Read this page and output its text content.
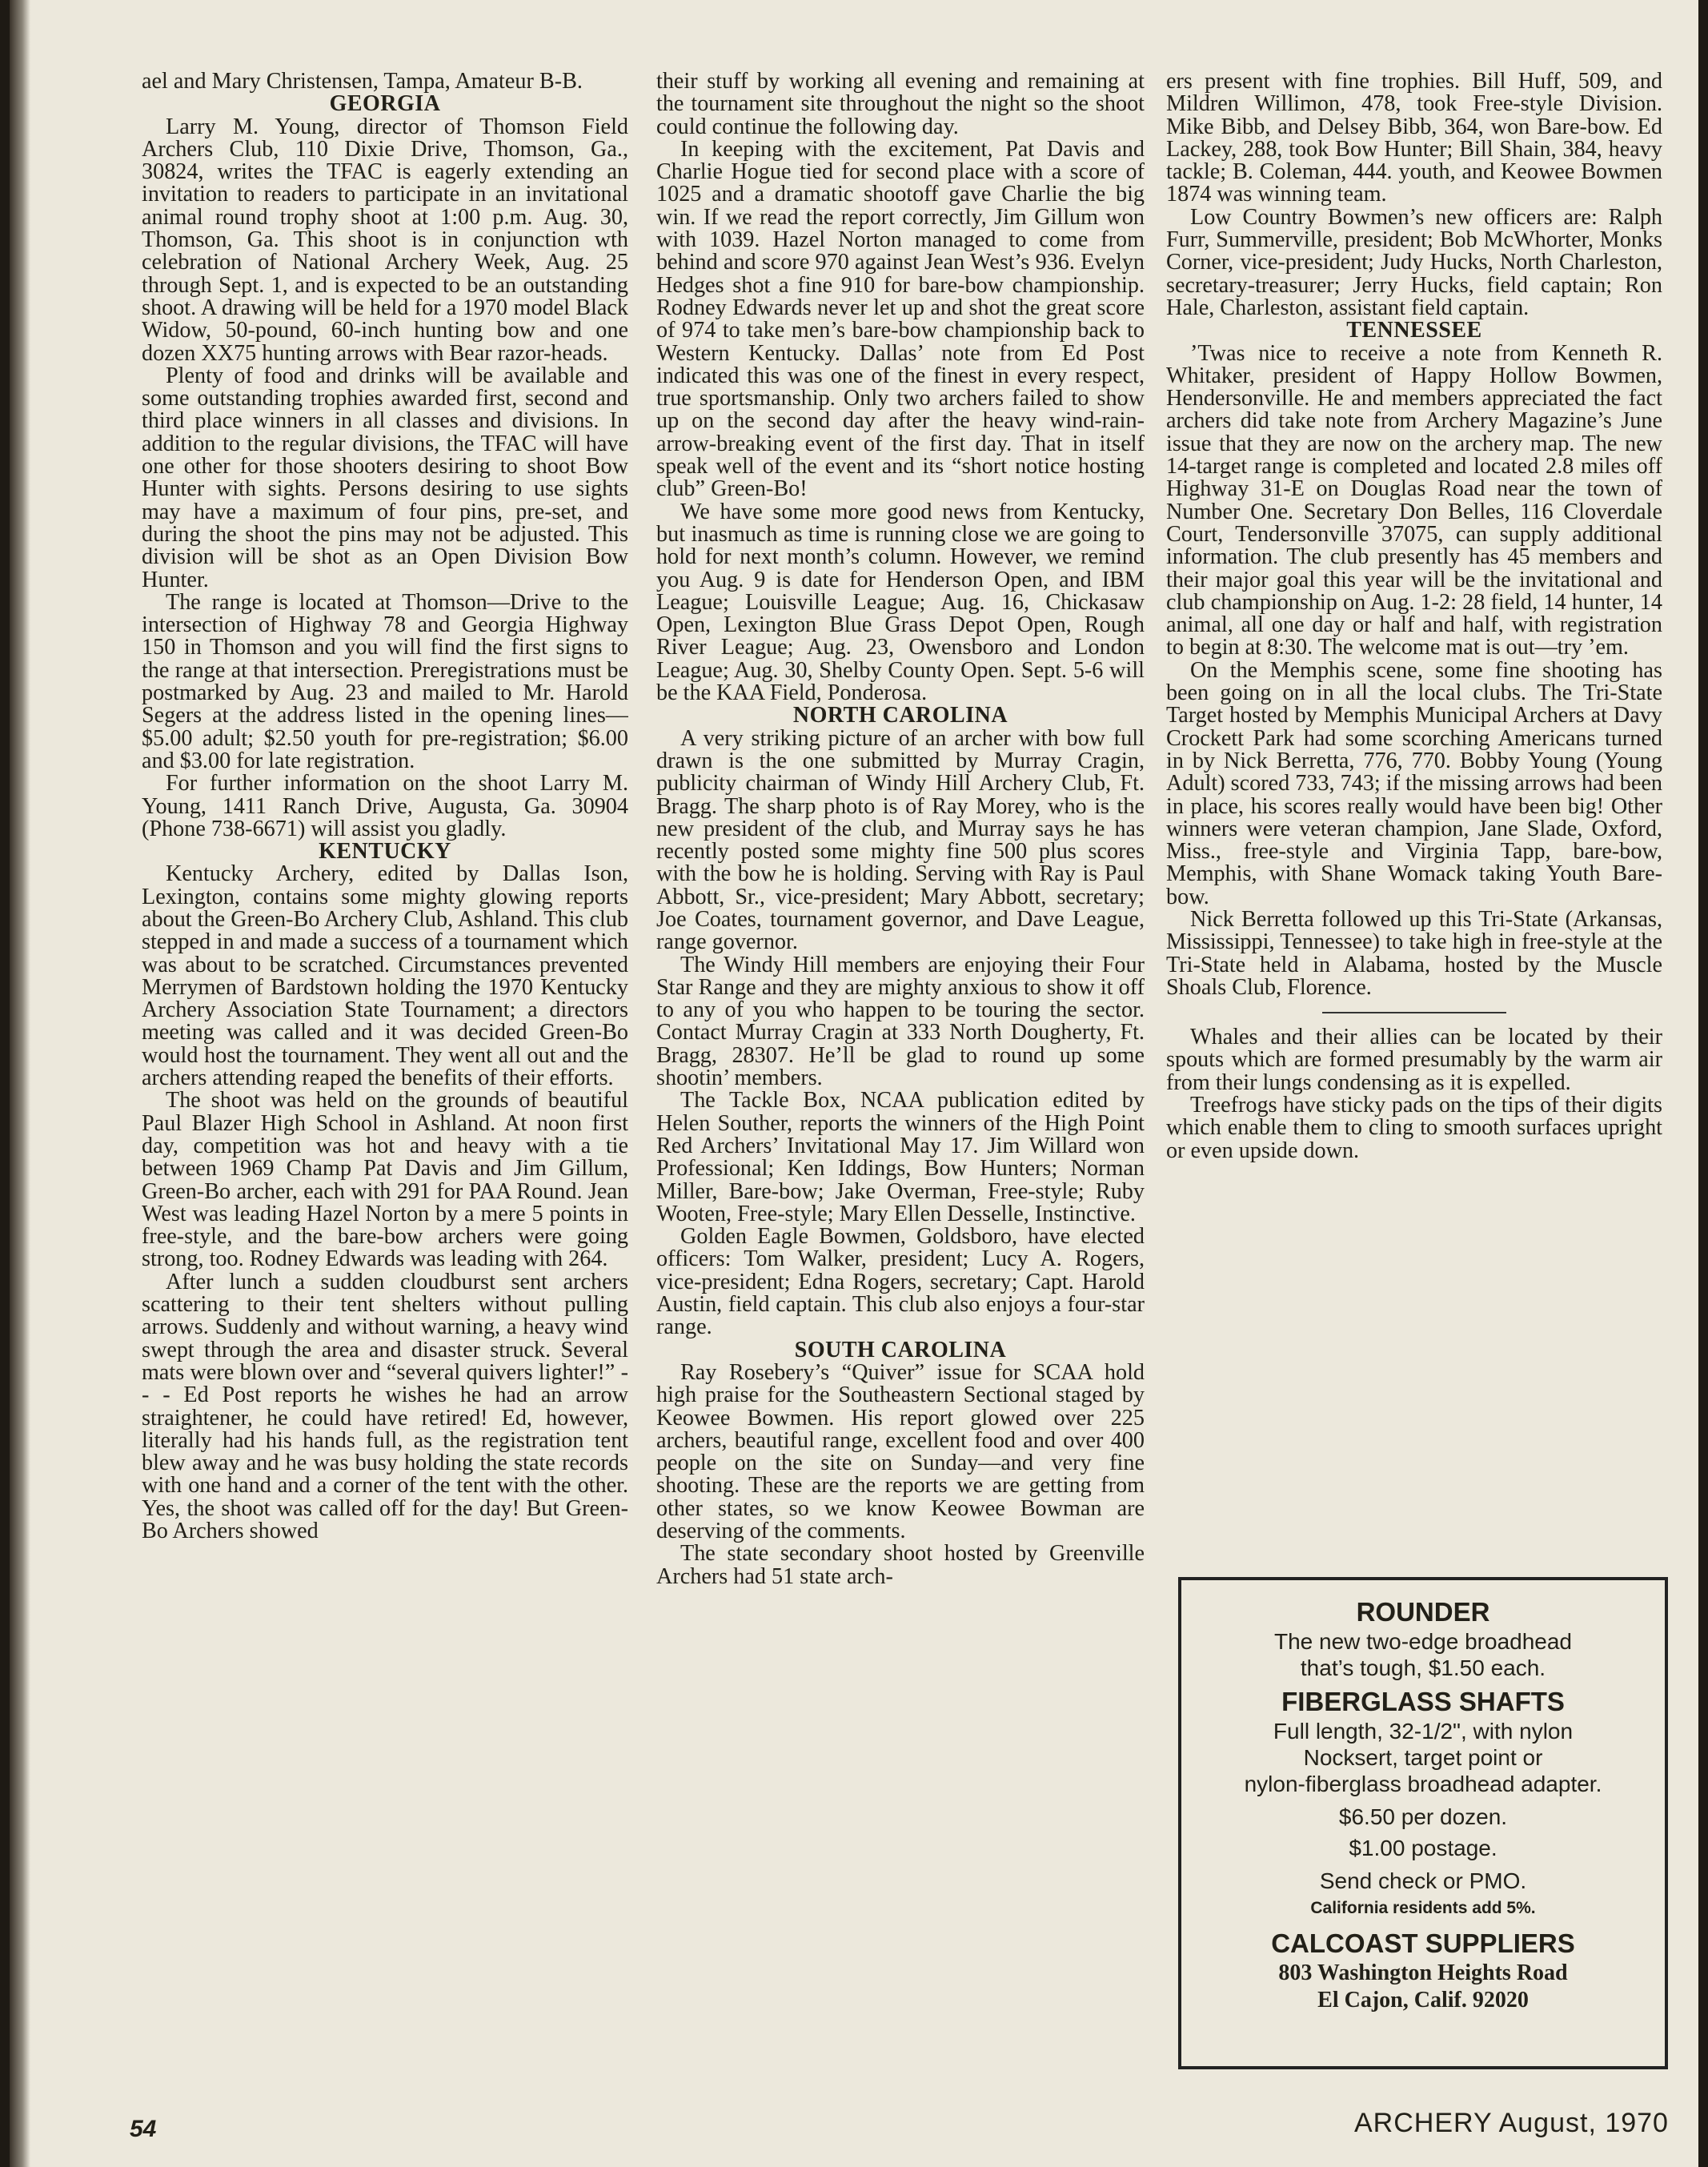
ael and Mary Christensen, Tampa, Amateur B-B.

GEORGIA

Larry M. Young, director of Thomson Field Archers Club, 110 Dixie Drive, Thomson, Ga., 30824, writes the TFAC is eagerly extending an invitation to readers to participate in an invitational animal round trophy shoot at 1:00 p.m. Aug. 30, Thomson, Ga. This shoot is in conjunction wth celebration of National Archery Week, Aug. 25 through Sept. 1, and is expected to be an outstanding shoot. A drawing will be held for a 1970 model Black Widow, 50-pound, 60-inch hunting bow and one dozen XX75 hunting arrows with Bear razor-heads.

Plenty of food and drinks will be available and some outstanding trophies awarded first, second and third place winners in all classes and divisions. In addition to the regular divisions, the TFAC will have one other for those shooters desiring to shoot Bow Hunter with sights. Persons desiring to use sights may have a maximum of four pins, pre-set, and during the shoot the pins may not be adjusted. This division will be shot as an Open Division Bow Hunter.

The range is located at Thomson—Drive to the intersection of Highway 78 and Georgia Highway 150 in Thomson and you will find the first signs to the range at that intersection. Preregistrations must be postmarked by Aug. 23 and mailed to Mr. Harold Segers at the address listed in the opening lines—$5.00 adult; $2.50 youth for pre-registration; $6.00 and $3.00 for late registration.

For further information on the shoot Larry M. Young, 1411 Ranch Drive, Augusta, Ga. 30904 (Phone 738-6671) will assist you gladly.

KENTUCKY

Kentucky Archery, edited by Dallas Ison, Lexington, contains some mighty glowing reports about the Green-Bo Archery Club, Ashland. This club stepped in and made a success of a tournament which was about to be scratched. Circumstances prevented Merrymen of Bardstown holding the 1970 Kentucky Archery Association State Tournament; a directors meeting was called and it was decided Green-Bo would host the tournament. They went all out and the archers attending reaped the benefits of their efforts.

The shoot was held on the grounds of beautiful Paul Blazer High School in Ashland. At noon first day, competition was hot and heavy with a tie between 1969 Champ Pat Davis and Jim Gillum, Green-Bo archer, each with 291 for PAA Round. Jean West was leading Hazel Norton by a mere 5 points in free-style, and the bare-bow archers were going strong, too. Rodney Edwards was leading with 264.

After lunch a sudden cloudburst sent archers scattering to their tent shelters without pulling arrows. Suddenly and without warning, a heavy wind swept through the area and disaster struck. Several mats were blown over and “several quivers lighter!” - - - Ed Post reports he wishes he had an arrow straightener, he could have retired! Ed, however, literally had his hands full, as the registration tent blew away and he was busy holding the state records with one hand and a corner of the tent with the other. Yes, the shoot was called off for the day! But Green-Bo Archers showed

their stuff by working all evening and remaining at the tournament site throughout the night so the shoot could continue the following day.

In keeping with the excitement, Pat Davis and Charlie Hogue tied for second place with a score of 1025 and a dramatic shootoff gave Charlie the big win. If we read the report correctly, Jim Gillum won with 1039. Hazel Norton managed to come from behind and score 970 against Jean West’s 936. Evelyn Hedges shot a fine 910 for bare-bow championship. Rodney Edwards never let up and shot the great score of 974 to take men’s bare-bow championship back to Western Kentucky. Dallas’ note from Ed Post indicated this was one of the finest in every respect, true sportsmanship. Only two archers failed to show up on the second day after the heavy wind-rain-arrow-breaking event of the first day. That in itself speak well of the event and its “short notice hosting club” Green-Bo!

We have some more good news from Kentucky, but inasmuch as time is running close we are going to hold for next month’s column. However, we remind you Aug. 9 is date for Henderson Open, and IBM League; Louisville League; Aug. 16, Chickasaw Open, Lexington Blue Grass Depot Open, Rough River League; Aug. 23, Owensboro and London League; Aug. 30, Shelby County Open. Sept. 5-6 will be the KAA Field, Ponderosa.

NORTH CAROLINA

A very striking picture of an archer with bow full drawn is the one submitted by Murray Cragin, publicity chairman of Windy Hill Archery Club, Ft. Bragg. The sharp photo is of Ray Morey, who is the new president of the club, and Murray says he has recently posted some mighty fine 500 plus scores with the bow he is holding. Serving with Ray is Paul Abbott, Sr., vice-president; Mary Abbott, secretary; Joe Coates, tournament governor, and Dave League, range governor.

The Windy Hill members are enjoying their Four Star Range and they are mighty anxious to show it off to any of you who happen to be touring the sector. Contact Murray Cragin at 333 North Dougherty, Ft. Bragg, 28307. He’ll be glad to round up some shootin’ members.

The Tackle Box, NCAA publication edited by Helen Souther, reports the winners of the High Point Red Archers’ Invitational May 17. Jim Willard won Professional; Ken Iddings, Bow Hunters; Norman Miller, Bare-bow; Jake Overman, Free-style; Ruby Wooten, Free-style; Mary Ellen Desselle, Instinctive.

Golden Eagle Bowmen, Goldsboro, have elected officers: Tom Walker, president; Lucy A. Rogers, vice-president; Edna Rogers, secretary; Capt. Harold Austin, field captain. This club also enjoys a four-star range.

SOUTH CAROLINA

Ray Rosebery’s “Quiver” issue for SCAA hold high praise for the Southeastern Sectional staged by Keowee Bowmen. His report glowed over 225 archers, beautiful range, excellent food and over 400 people on the site on Sunday—and very fine shooting. These are the reports we are getting from other states, so we know Keowee Bowman are deserving of the comments.

The state secondary shoot hosted by Greenville Archers had 51 state arch-

ers present with fine trophies. Bill Huff, 509, and Mildren Willimon, 478, took Free-style Division. Mike Bibb, and Delsey Bibb, 364, won Bare-bow. Ed Lackey, 288, took Bow Hunter; Bill Shain, 384, heavy tackle; B. Coleman, 444. youth, and Keowee Bowmen 1874 was winning team.

Low Country Bowmen’s new officers are: Ralph Furr, Summerville, president; Bob McWhorter, Monks Corner, vice-president; Judy Hucks, North Charleston, secretary-treasurer; Jerry Hucks, field captain; Ron Hale, Charleston, assistant field captain.

TENNESSEE

’Twas nice to receive a note from Kenneth R. Whitaker, president of Happy Hollow Bowmen, Hendersonville. He and members appreciated the fact archers did take note from Archery Magazine’s June issue that they are now on the archery map. The new 14-target range is completed and located 2.8 miles off Highway 31-E on Douglas Road near the town of Number One. Secretary Don Belles, 116 Cloverdale Court, Tendersonville 37075, can supply additional information. The club presently has 45 members and their major goal this year will be the invitational and club championship on Aug. 1-2: 28 field, 14 hunter, 14 animal, all one day or half and half, with registration to begin at 8:30. The welcome mat is out—try ’em.

On the Memphis scene, some fine shooting has been going on in all the local clubs. The Tri-State Target hosted by Memphis Municipal Archers at Davy Crockett Park had some scorching Americans turned in by Nick Berretta, 776, 770. Bobby Young (Young Adult) scored 733, 743; if the missing arrows had been in place, his scores really would have been big! Other winners were veteran champion, Jane Slade, Oxford, Miss., free-style and Virginia Tapp, bare-bow, Memphis, with Shane Womack taking Youth Bare-bow.

Nick Berretta followed up this Tri-State (Arkansas, Mississippi, Tennessee) to take high in free-style at the Tri-State held in Alabama, hosted by the Muscle Shoals Club, Florence.

Whales and their allies can be located by their spouts which are formed presumably by the warm air from their lungs condensing as it is expelled.

Treefrogs have sticky pads on the tips of their digits which enable them to cling to smooth surfaces upright or even upside down.

ROUNDER
The new two-edge broadhead
that’s tough, $1.50 each.
FIBERGLASS SHAFTS
Full length, 32-1/2", with nylon
Nocksert, target point or
nylon-fiberglass broadhead adapter.
$6.50 per dozen.
$1.00 postage.
Send check or PMO.
California residents add 5%.
CALCOAST SUPPLIERS
803 Washington Heights Road
El Cajon, Calif. 92020
54	ARCHERY August, 1970
